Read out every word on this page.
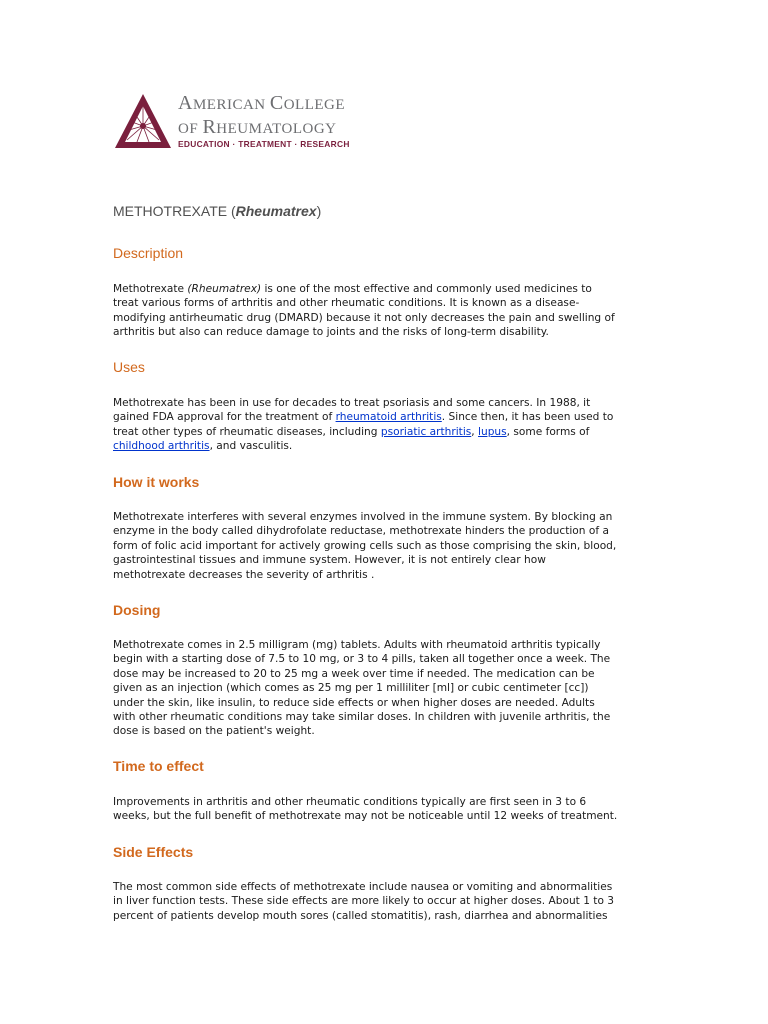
AMERICAN COLLEGE
OF RHEUMATOLOGY
EDUCATION · TREATMENT · RESEARCH
METHOTREXATE (Rheumatrex)
Description

Methotrexate (Rheumatrex) is one of the most effective and commonly used medicines to
treat various forms of arthritis and other rheumatic conditions. It is known as a disease-
modifying antirheumatic drug (DMARD) because it not only decreases the pain and swelling of
arthritis but also can reduce damage to joints and the risks of long-term disability.

Uses

Methotrexate has been in use for decades to treat psoriasis and some cancers. In 1988, it
gained FDA approval for the treatment of rheumatoid arthritis. Since then, it has been used to
treat other types of rheumatic diseases, including psoriatic arthritis, lupus, some forms of
childhood arthritis, and vasculitis.

How it works

Methotrexate interferes with several enzymes involved in the immune system. By blocking an
enzyme in the body called dihydrofolate reductase, methotrexate hinders the production of a
form of folic acid important for actively growing cells such as those comprising the skin, blood,
gastrointestinal tissues and immune system. However, it is not entirely clear how
methotrexate decreases the severity of arthritis .

Dosing

Methotrexate comes in 2.5 milligram (mg) tablets. Adults with rheumatoid arthritis typically
begin with a starting dose of 7.5 to 10 mg, or 3 to 4 pills, taken all together once a week. The
dose may be increased to 20 to 25 mg a week over time if needed. The medication can be
given as an injection (which comes as 25 mg per 1 milliliter [ml] or cubic centimeter [cc])
under the skin, like insulin, to reduce side effects or when higher doses are needed. Adults
with other rheumatic conditions may take similar doses. In children with juvenile arthritis, the
dose is based on the patient's weight.

Time to effect

Improvements in arthritis and other rheumatic conditions typically are first seen in 3 to 6
weeks, but the full benefit of methotrexate may not be noticeable until 12 weeks of treatment.

Side Effects

The most common side effects of methotrexate include nausea or vomiting and abnormalities
in liver function tests. These side effects are more likely to occur at higher doses. About 1 to 3
percent of patients develop mouth sores (called stomatitis), rash, diarrhea and abnormalities
